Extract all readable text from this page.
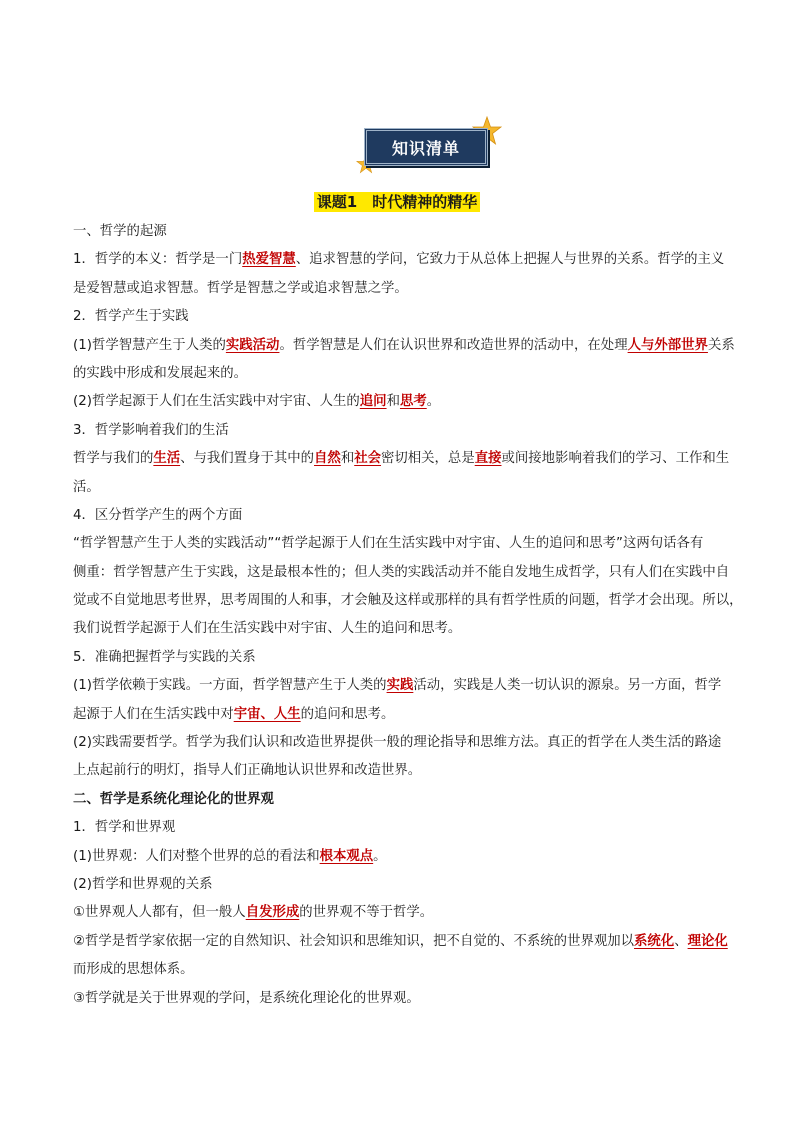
知识清单
课题1　时代精神的精华
一、哲学的起源
1．哲学的本义：哲学是一门热爱智慧、追求智慧的学问，它致力于从总体上把握人与世界的关系。哲学的主义
是爱智慧或追求智慧。哲学是智慧之学或追求智慧之学。
2．哲学产生于实践
(1)哲学智慧产生于人类的实践活动。哲学智慧是人们在认识世界和改造世界的活动中，在处理人与外部世界关系
的实践中形成和发展起来的。
(2)哲学起源于人们在生活实践中对宇宙、人生的追问和思考。
3．哲学影响着我们的生活
哲学与我们的生活、与我们置身于其中的自然和社会密切相关，总是直接或间接地影响着我们的学习、工作和生
活。
4．区分哲学产生的两个方面
“哲学智慧产生于人类的实践活动”“哲学起源于人们在生活实践中对宇宙、人生的追问和思考”这两句话各有
侧重：哲学智慧产生于实践，这是最根本性的；但人类的实践活动并不能自发地生成哲学，只有人们在实践中自
觉或不自觉地思考世界，思考周围的人和事，才会触及这样或那样的具有哲学性质的问题，哲学才会出现。所以，
我们说哲学起源于人们在生活实践中对宇宙、人生的追问和思考。
5．准确把握哲学与实践的关系
(1)哲学依赖于实践。一方面，哲学智慧产生于人类的实践活动，实践是人类一切认识的源泉。另一方面，哲学
起源于人们在生活实践中对宇宙、人生的追问和思考。
(2)实践需要哲学。哲学为我们认识和改造世界提供一般的理论指导和思维方法。真正的哲学在人类生活的路途
上点起前行的明灯，指导人们正确地认识世界和改造世界。
二、哲学是系统化理论化的世界观
1．哲学和世界观
(1)世界观：人们对整个世界的总的看法和根本观点。
(2)哲学和世界观的关系
①世界观人人都有，但一般人自发形成的世界观不等于哲学。
②哲学是哲学家依据一定的自然知识、社会知识和思维知识，把不自觉的、不系统的世界观加以系统化、理论化
而形成的思想体系。
③哲学就是关于世界观的学问，是系统化理论化的世界观。
